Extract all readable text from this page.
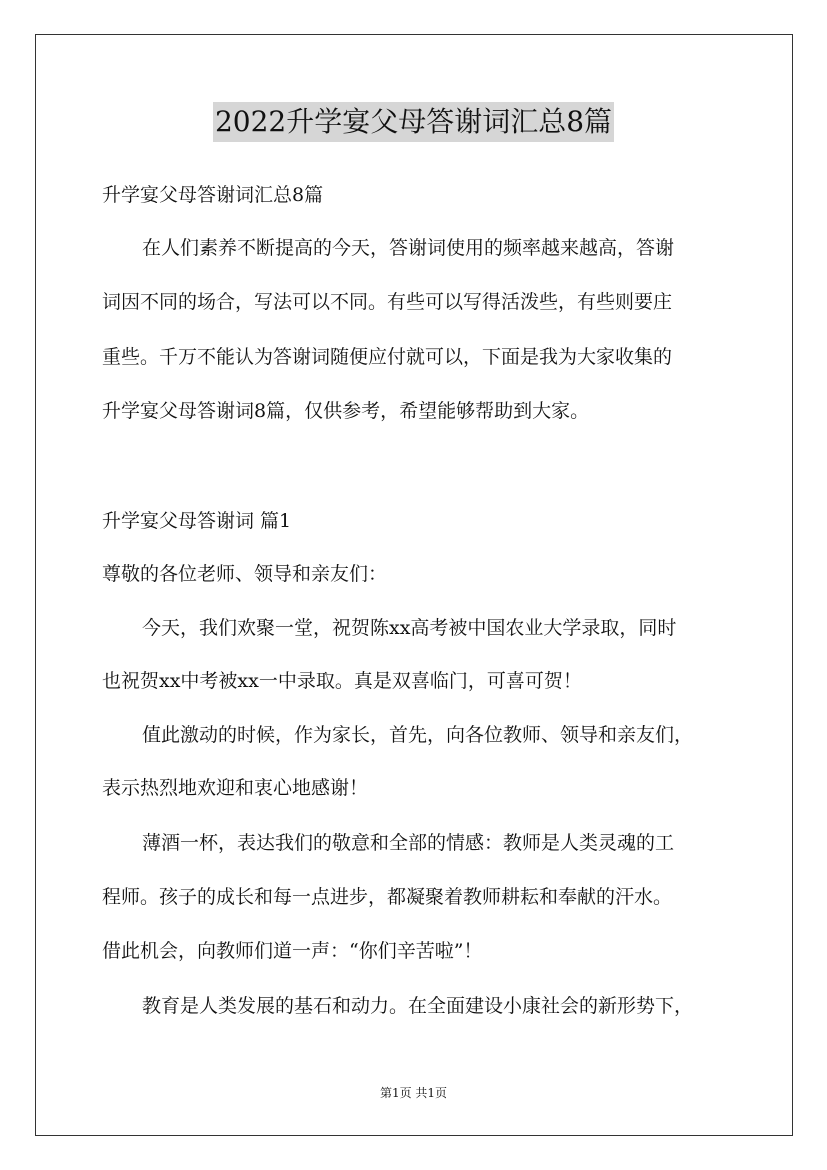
2022升学宴父母答谢词汇总8篇
升学宴父母答谢词汇总8篇
在人们素养不断提高的今天，答谢词使用的频率越来越高，答谢
词因不同的场合，写法可以不同。有些可以写得活泼些，有些则要庄
重些。千万不能认为答谢词随便应付就可以，下面是我为大家收集的
升学宴父母答谢词8篇，仅供参考，希望能够帮助到大家。
升学宴父母答谢词 篇1
尊敬的各位老师、领导和亲友们：
今天，我们欢聚一堂，祝贺陈xx高考被中国农业大学录取，同时
也祝贺xx中考被xx一中录取。真是双喜临门，可喜可贺！
值此激动的时候，作为家长，首先，向各位教师、领导和亲友们，
表示热烈地欢迎和衷心地感谢！
薄酒一杯，表达我们的敬意和全部的情感：教师是人类灵魂的工
程师。孩子的成长和每一点进步，都凝聚着教师耕耘和奉献的汗水。
借此机会，向教师们道一声：“你们辛苦啦”！
教育是人类发展的基石和动力。在全面建设小康社会的新形势下，
第1页 共1页
